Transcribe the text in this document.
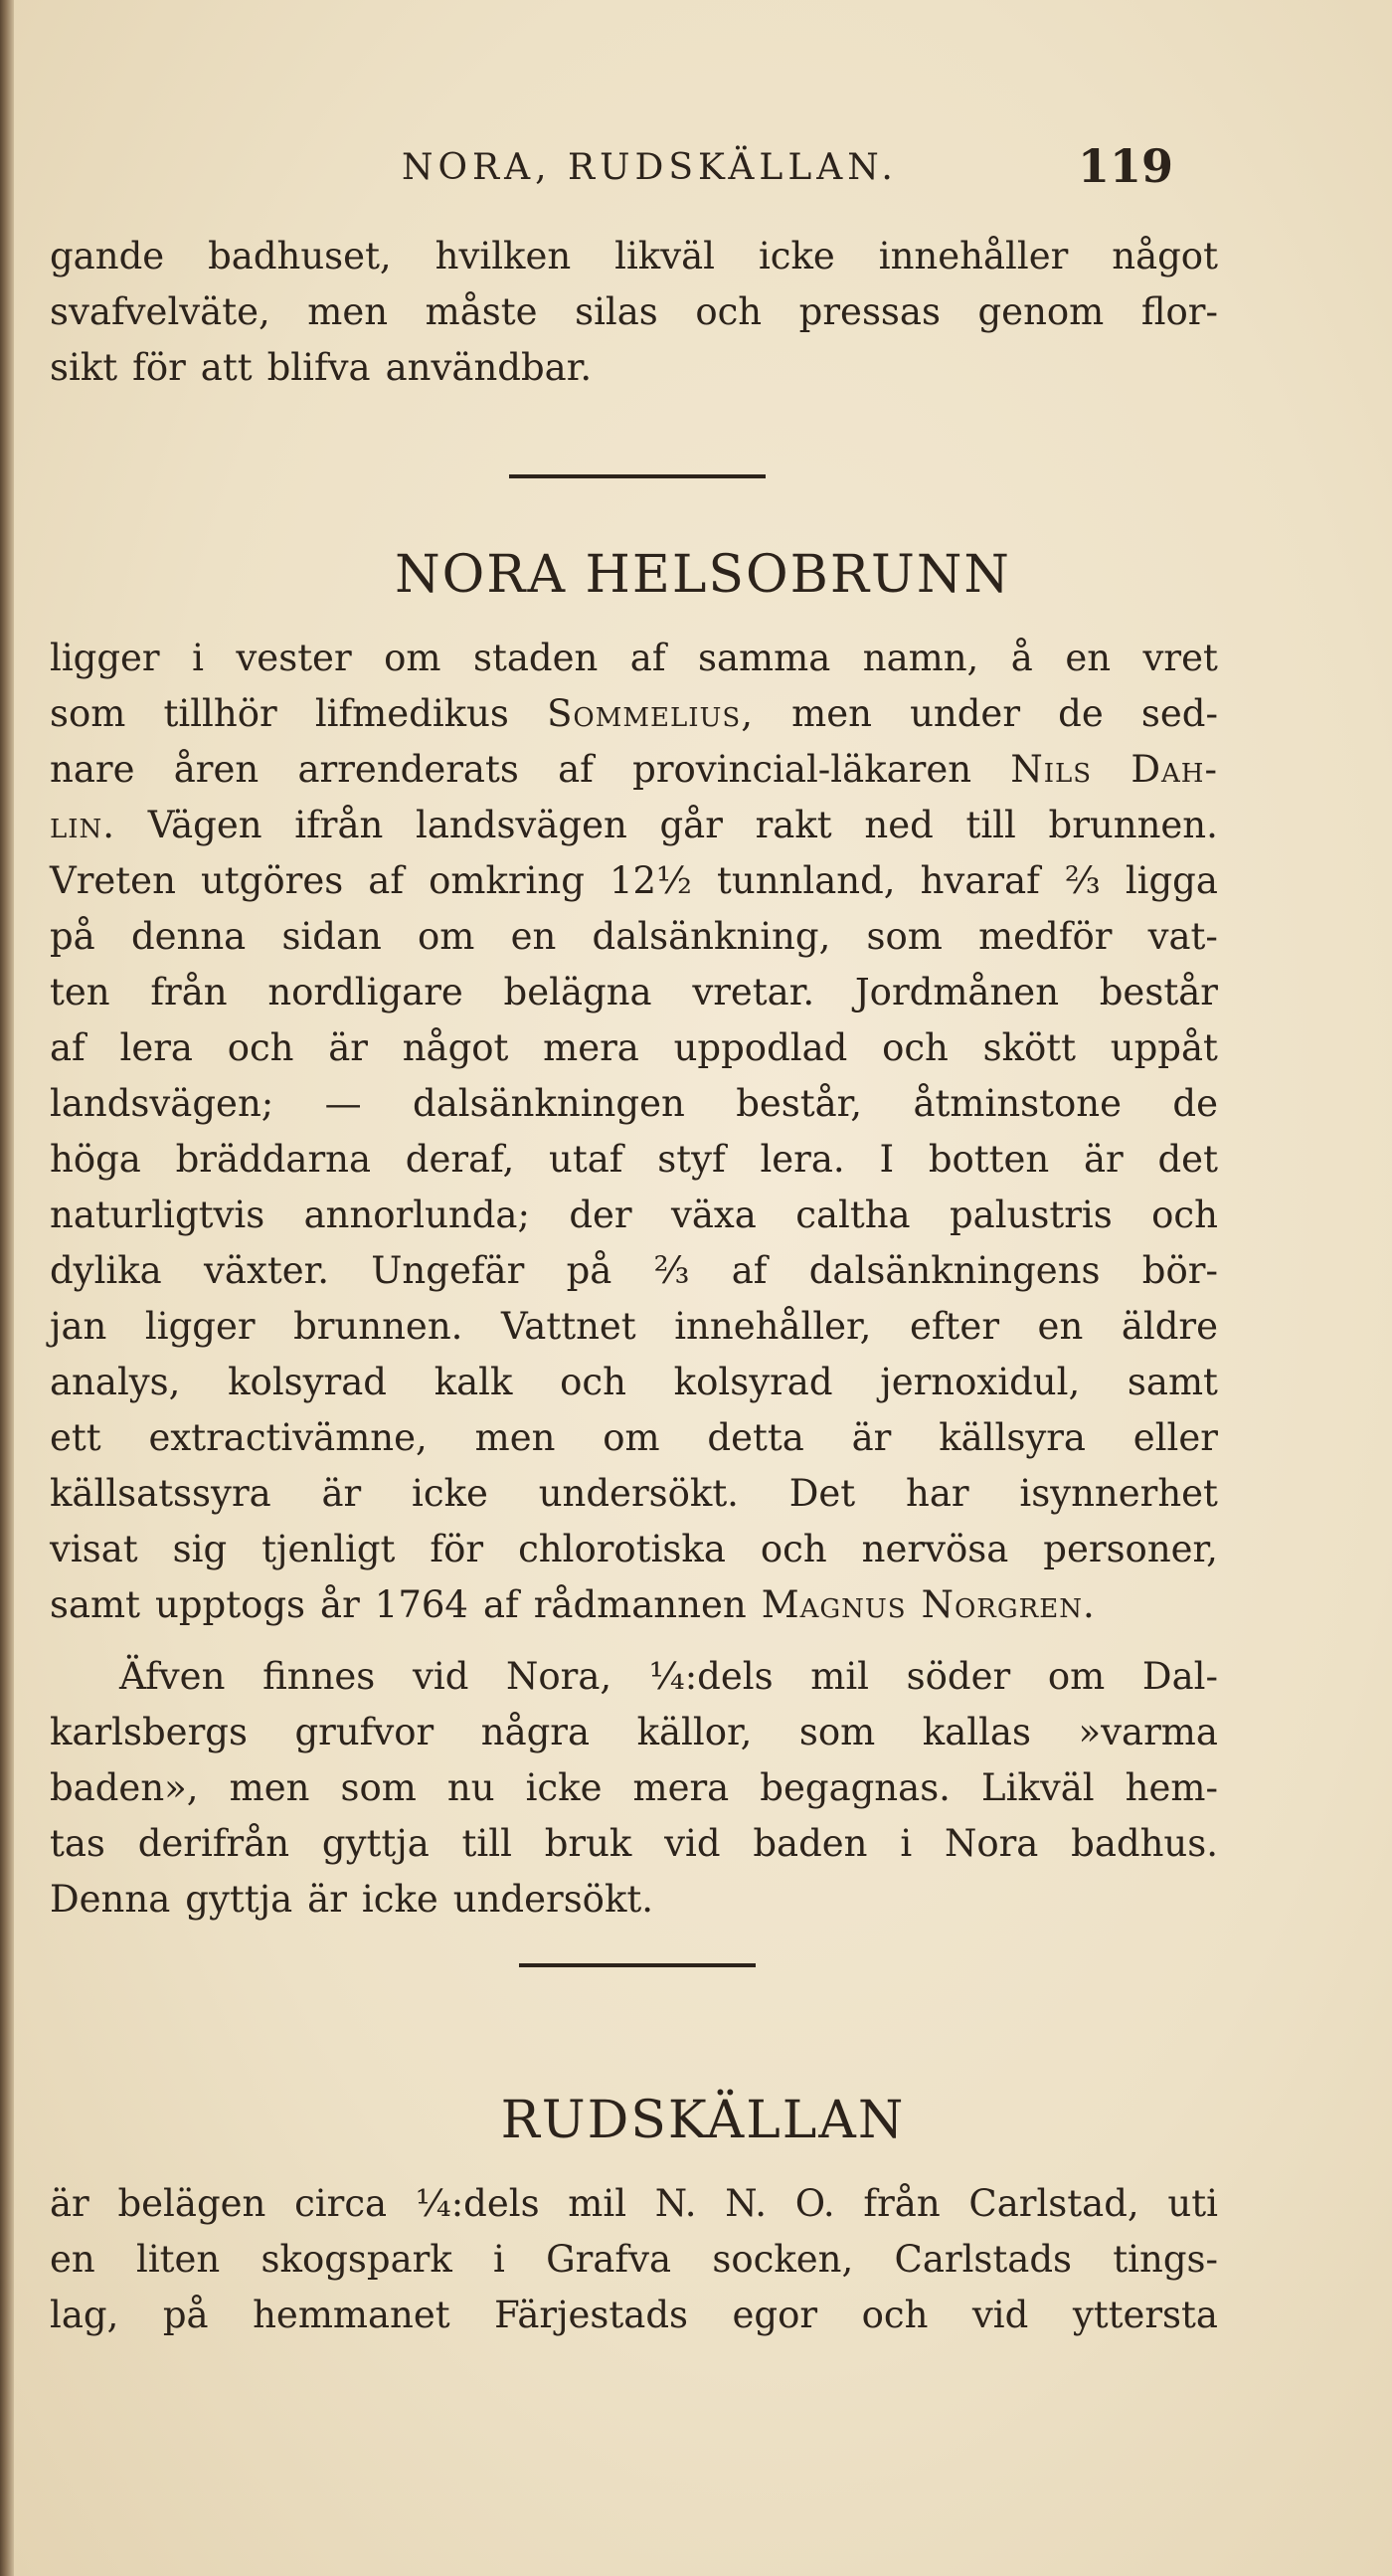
NORA, RUDSKÄLLAN.	119
gande badhuset, hvilken likväl icke innehåller något
svafvelväte, men måste silas och pressas genom flor-
sikt för att blifva användbar.
NORA HELSOBRUNN
ligger i vester om staden af samma namn, å en vret
som tillhör lifmedikus Sommelius, men under de sed-
nare åren arrenderats af provincial-läkaren Nils Dah-
lin. Vägen ifrån landsvägen går rakt ned till brunnen.
Vreten utgöres af omkring 12½ tunnland, hvaraf ⅔ ligga
på denna sidan om en dalsänkning, som medför vat-
ten från nordligare belägna vretar. Jordmånen består
af lera och är något mera uppodlad och skött uppåt
landsvägen; — dalsänkningen består, åtminstone de
höga bräddarna deraf, utaf styf lera. I botten är det
naturligtvis annorlunda; der växa caltha palustris och
dylika växter. Ungefär på ⅔ af dalsänkningens bör-
jan ligger brunnen. Vattnet innehåller, efter en äldre
analys, kolsyrad kalk och kolsyrad jernoxidul, samt
ett extractivämne, men om detta är källsyra eller
källsatssyra är icke undersökt. Det har isynnerhet
visat sig tjenligt för chlorotiska och nervösa personer,
samt upptogs år 1764 af rådmannen Magnus Norgren.
Äfven finnes vid Nora, ¼:dels mil söder om Dal-
karlsbergs grufvor några källor, som kallas »varma
baden», men som nu icke mera begagnas. Likväl hem-
tas derifrån gyttja till bruk vid baden i Nora badhus.
Denna gyttja är icke undersökt.
RUDSKÄLLAN
är belägen circa ¼:dels mil N. N. O. från Carlstad, uti
en liten skogspark i Grafva socken, Carlstads tings-
lag, på hemmanet Färjestads egor och vid yttersta
